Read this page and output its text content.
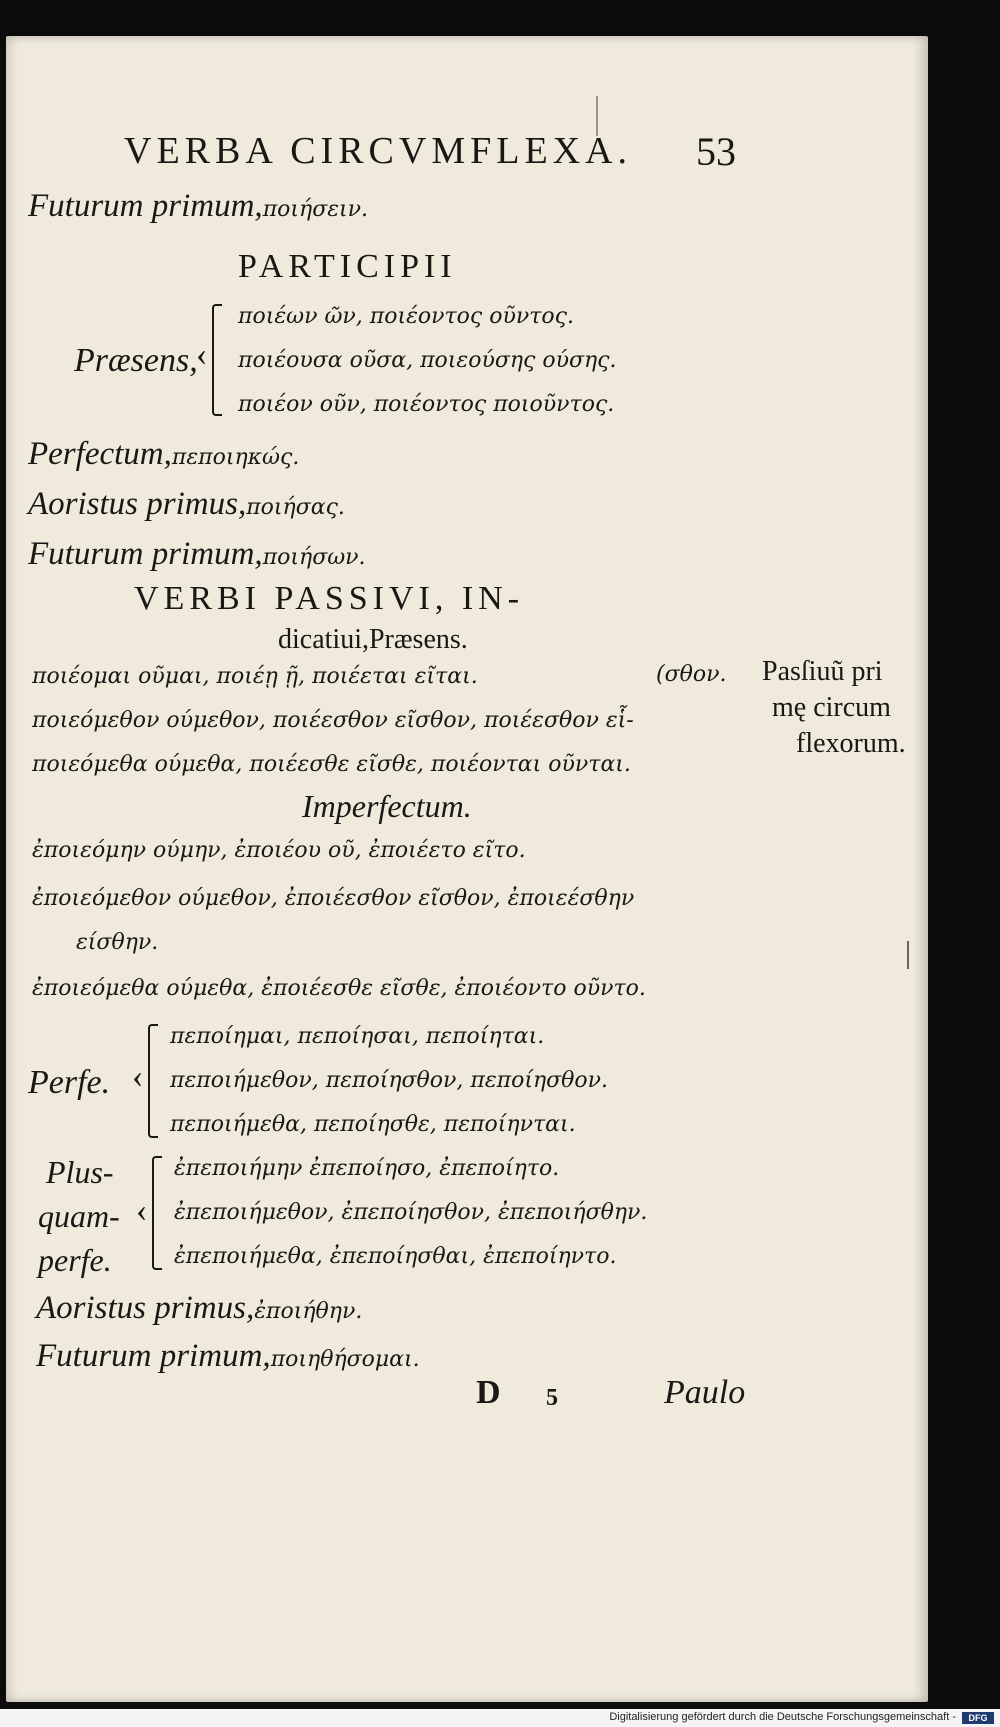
VERBA CIRCVMFLEXA. 53
Futurum primum,ποιήσειν.
PARTICIPII
Præsens,
‹
ποιέων ῶν, ποιέοντος οῦντος.
ποιέουσα οῦσα, ποιεούσης ούσης.
ποιέον οῦν, ποιέοντος ποιοῦντος.
Perfectum,πεποιηκώς.
Aoristus primus,ποιήσας.
Futurum primum,ποιήσων.
VERBI PASSIVI, IN-
dicatiui,Præsens.
ποιέομαι οῦμαι, ποιέῃ ῇ, ποιέεται εῖται.	(σθον.
ποιεόμεθον ούμεθον, ποιέεσθον εῖσθον, ποιέεσθον εἷ-
ποιεόμεθα ούμεθα, ποιέεσθε εῖσθε, ποιέονται οῦνται.
Pasſiuũ pri
mę circum
flexorum.
Imperfectum.
ἐποιεόμην ούμην, ἐποιέου οῦ, ἐποιέετο εῖτο.
ἐποιεόμεθον ούμεθον, ἐποιέεσθον εῖσθον, ἐποιεέσθην
είσθην.
ἐποιεόμεθα ούμεθα, ἐποιέεσθε εῖσθε, ἐποιέοντο οῦντο.
Perfe. ‹
πεποίημαι, πεποίησαι, πεποίηται.
πεποιήμεθον, πεποίησθον, πεποίησθον.
πεποιήμεθα, πεποίησθε, πεποίηνται.
Plus-
quam-
perfe.
‹
ἐπεποιήμην ἐπεποίησο, ἐπεποίητο.
ἐπεποιήμεθον, ἐπεποίησθον, ἐπεποιήσθην.
ἐπεποιήμεθα, ἐπεποίησθαι, ἐπεποίηντο.
Aoristus primus,ἐποιήθην.
Futurum primum,ποιηθήσομαι.
D 5	Paulo
Digitalisierung gefördert durch die Deutsche Forschungsgemeinschaft -	DFG
